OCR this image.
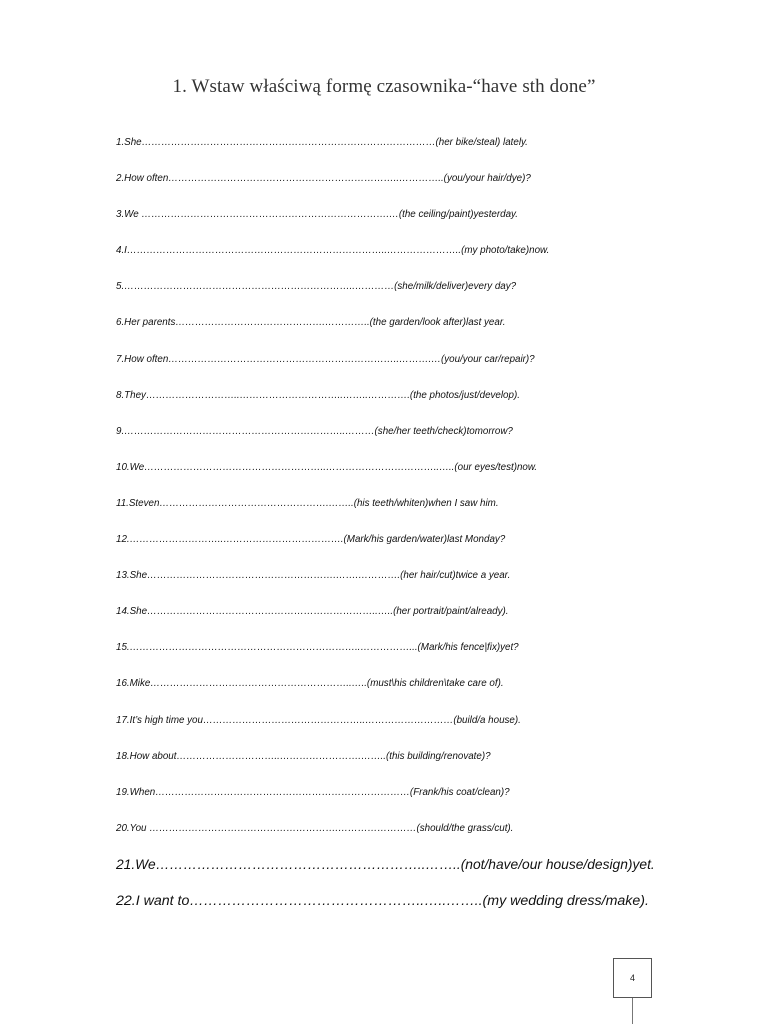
1. Wstaw właściwą formę czasownika-“have sth done”
1.She………………………………………………………………………………(her bike/steal) lately.
2.How often……………………………………………………………..…………..(you/your hair/dye)?
3.We ………………………………………………………………….…(the ceiling/paint)yesterday.
4.I……………………………………………………………………..…………………..(my photo/take)now.
5.……………………………………………………………..…………(she/milk/deliver)every day?
6.Her parents……………………………………….…………..(the garden/look after)last year.
7.How often……………………………………………………………..……….…(you/your car/repair)?
8.They………………………..…………………………..……..………….(the photos/just/develop).
9.…………………………………………………………..………(she/her teeth/check)tomorrow?
10.We………………………………………………..……………………………..…..(our eyes/test)now.
11.Steven…………………………………………….……..(his teeth/whiten)when I saw him.
12.………………………..……………………………….(Mark/his garden/water)last Monday?
13.She………………………………………………….…….………….(her hair/cut)twice a year.
14.She……………………………………………………………..…..(her portrait/paint/already).
15.……………………………………………………………..……………...(Mark/his fence|fix)yet?
16.Mike……………………………………………………..…..(must\his children\take care of).
17.It’s high time you…………………………………………..………………………(build/a house).
18.How about…………………………..…………………….……..(this building/renovate)?
19.When……………………………………………………………………(Frank/his coat/clean)?
20.You ………………………………………………….……………………(should/the grass/cut).
21.We…………………………………………………..……..(not/have/our house/design)yet.
22.I want to…………………………………………..…..……..(my wedding dress/make).
4
